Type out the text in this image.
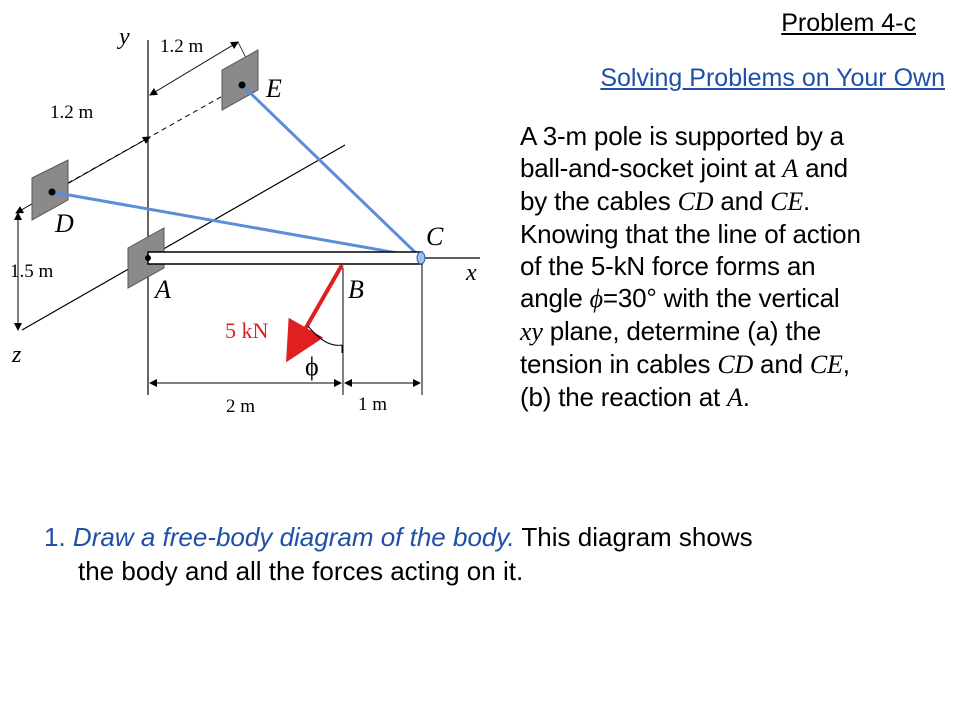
Problem 4-c
Solving Problems on Your Own
A 3-m pole is supported by a
ball-and-socket joint at A and
by the cables CD and CE.
Knowing that the line of action
of the 5-kN force forms an
angle ϕ=30° with the vertical
xy plane, determine (a) the
tension in cables CD and CE,
(b) the reaction at A.
1. Draw a free-body diagram of the body. This diagram shows
the body and all the forces acting on it.
y
x
z
E
D	C
A	B
5 kN
ϕ
1.2 m
1.2 m
1.5 m
2 m	1 m
